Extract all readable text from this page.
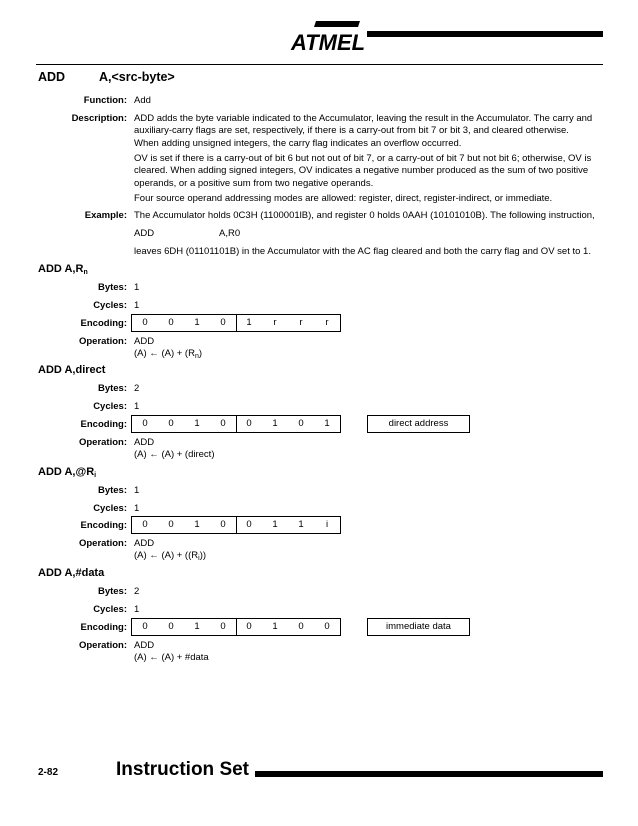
ATMEL
ADD	A,<src-byte>
Function: Add
Description: ADD adds the byte variable indicated to the Accumulator, leaving the result in the Accumulator. The carry and auxiliary-carry flags are set, respectively, if there is a carry-out from bit 7 or bit 3, and cleared otherwise. When adding unsigned integers, the carry flag indicates an overflow occurred.
OV is set if there is a carry-out of bit 6 but not out of bit 7, or a carry-out of bit 7 but not bit 6; otherwise, OV is cleared. When adding signed integers, OV indicates a negative number produced as the sum of two positive operands, or a positive sum from two negative operands.
Four source operand addressing modes are allowed: register, direct, register-indirect, or immediate.
Example: The Accumulator holds 0C3H (1100001lB), and register 0 holds 0AAH (10101010B). The following instruction,
ADD	A,R0
leaves 6DH (01101101B) in the Accumulator with the AC flag cleared and both the carry flag and OV set to 1.
ADD $A,R_n$
Bytes: 1
Cycles: 1
Encoding:	0	0	1	0	1	r	r	r
Operation: ADD
(A) ← $(A) + (R_n)$
ADD A,direct
Bytes: 2
Cycles: 1
Encoding:	0	0	1	0	0	1	0	1	direct address
Operation: ADD
(A) ← (A) + (direct)
ADD $A,@R_i$
Bytes: 1
Cycles: 1
Encoding:	0	0	1	0	0	1	1	i
Operation: ADD
(A) ← $(A) + ((R_i))$
ADD A,#data
Bytes: 2
Cycles: 1
Encoding:	0	0	1	0	0	1	0	0	immediate data
Operation: ADD
(A) ← (A) + #data
2-82	Instruction Set
